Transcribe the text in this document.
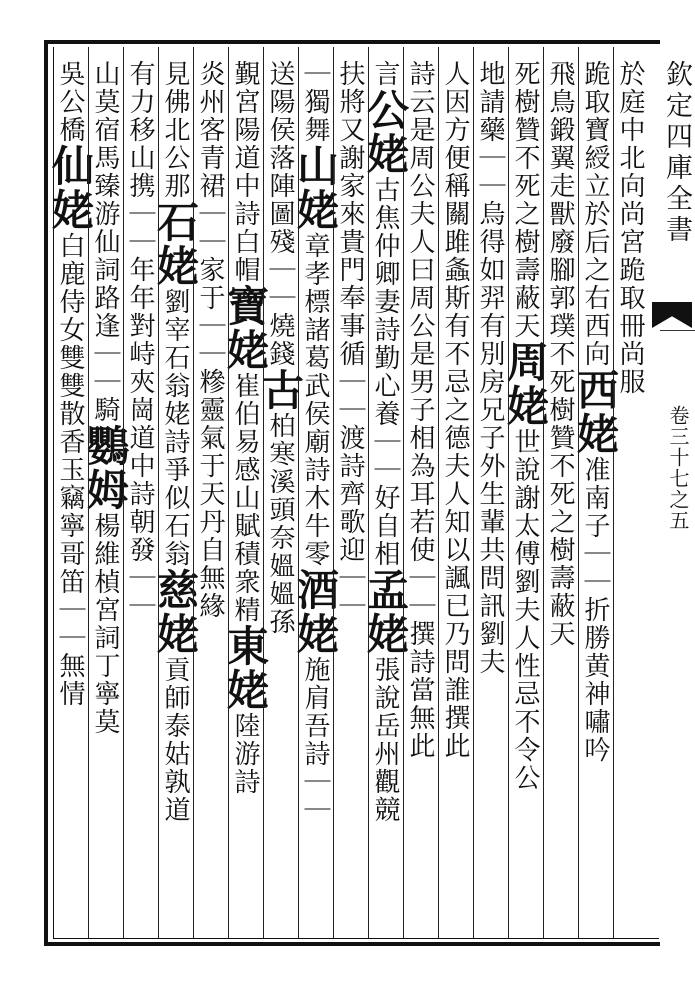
欽定四庫全書
卷三十七之五
於庭中北向尚宮跪取冊尚服
跪取寶綬立於后之右西向西姥准南子｜｜折勝黄神嘯吟
飛鳥鍛翼走獸廢腳郭璞不死樹贊不死之樹壽蔽天
死樹贊不死之樹壽蔽天周姥世說謝太傅劉夫人性忌不令公
地請藥｜｜烏得如羿有別房兄子外生輩共問訊劉夫
人因方便稱關雎螽斯有不忌之德夫人知以諷已乃問誰撰此
詩云是周公夫人曰周公是男子相為耳若使｜｜撰詩當無此
言公姥古焦仲卿妻詩勤心養｜｜好自相孟姥張說岳州觀競
扶將又謝家來貴門奉事循｜｜渡詩齊歌迎｜｜
｜獨舞山姥章孝標諸葛武侯廟詩木牛零酒姥施肩吾詩｜｜
送陽侯落陣圖殘｜｜燒錢古柏寒溪頭奈媼媼孫
覲宮陽道中詩白帽寶姥崔伯易感山賦積衆精東姥陸游詩
炎州客青裙｜｜家于｜｜糝靈氣于天丹自無緣
見佛北公那石姥劉宰石翁姥詩爭似石翁慈姥貢師泰姑孰道
有力移山携｜｜年年對峙夾崗道中詩朝發｜｜
山莫宿馬臻游仙詞路逢｜｜騎鸚姆楊維楨宮詞丁寧莫
吳公橋仙姥白鹿侍女雙雙散香玉竊寧哥笛｜｜無情
